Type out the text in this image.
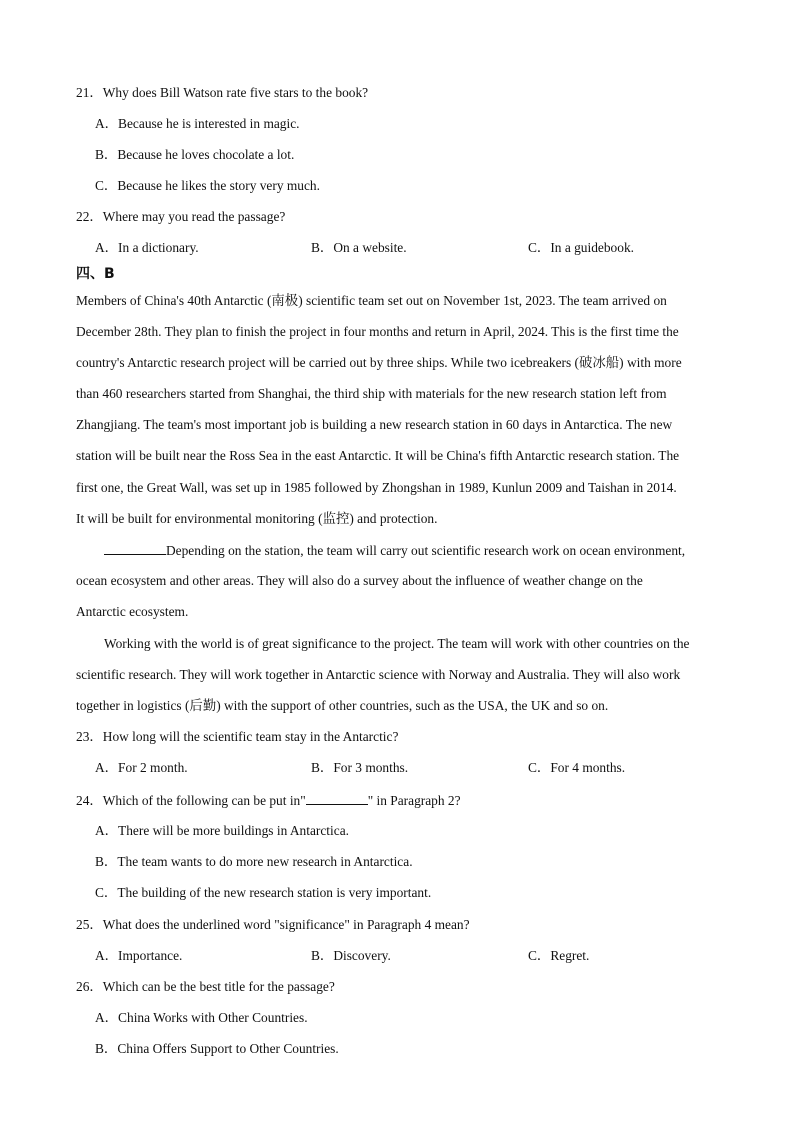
21．Why does Bill Watson rate five stars to the book?
A．Because he is interested in magic.
B．Because he loves chocolate a lot.
C．Because he likes the story very much.
22．Where may you read the passage?
A．In a dictionary.	B．On a website.	C．In a guidebook.
四、B
Members of China's 40th Antarctic (南极) scientific team set out on November 1st, 2023. The team arrived on
December 28th. They plan to finish the project in four months and return in April, 2024. This is the first time the
country's Antarctic research project will be carried out by three ships. While two icebreakers (破冰船) with more
than 460 researchers started from Shanghai, the third ship with materials for the new research station left from
Zhangjiang. The team's most important job is building a new research station in 60 days in Antarctica. The new
station will be built near the Ross Sea in the east Antarctic. It will be China's fifth Antarctic research station. The
first one, the Great Wall, was set up in 1985 followed by Zhongshan in 1989, Kunlun 2009 and Taishan in 2014.
It will be built for environmental monitoring (监控) and protection.
Depending on the station, the team will carry out scientific research work on ocean environment,
ocean ecosystem and other areas. They will also do a survey about the influence of weather change on the
Antarctic ecosystem.
Working with the world is of great significance to the project. The team will work with other countries on the
scientific research. They will work together in Antarctic science with Norway and Australia. They will also work
together in logistics (后勤) with the support of other countries, such as the USA, the UK and so on.
23．How long will the scientific team stay in the Antarctic?
A．For 2 month.	B．For 3 months.	C．For 4 months.
24．Which of the following can be put in"	" in Paragraph 2?
A．There will be more buildings in Antarctica.
B．The team wants to do more new research in Antarctica.
C．The building of the new research station is very important.
25．What does the underlined word "significance" in Paragraph 4 mean?
A．Importance.	B．Discovery.	C．Regret.
26．Which can be the best title for the passage?
A．China Works with Other Countries.
B．China Offers Support to Other Countries.
